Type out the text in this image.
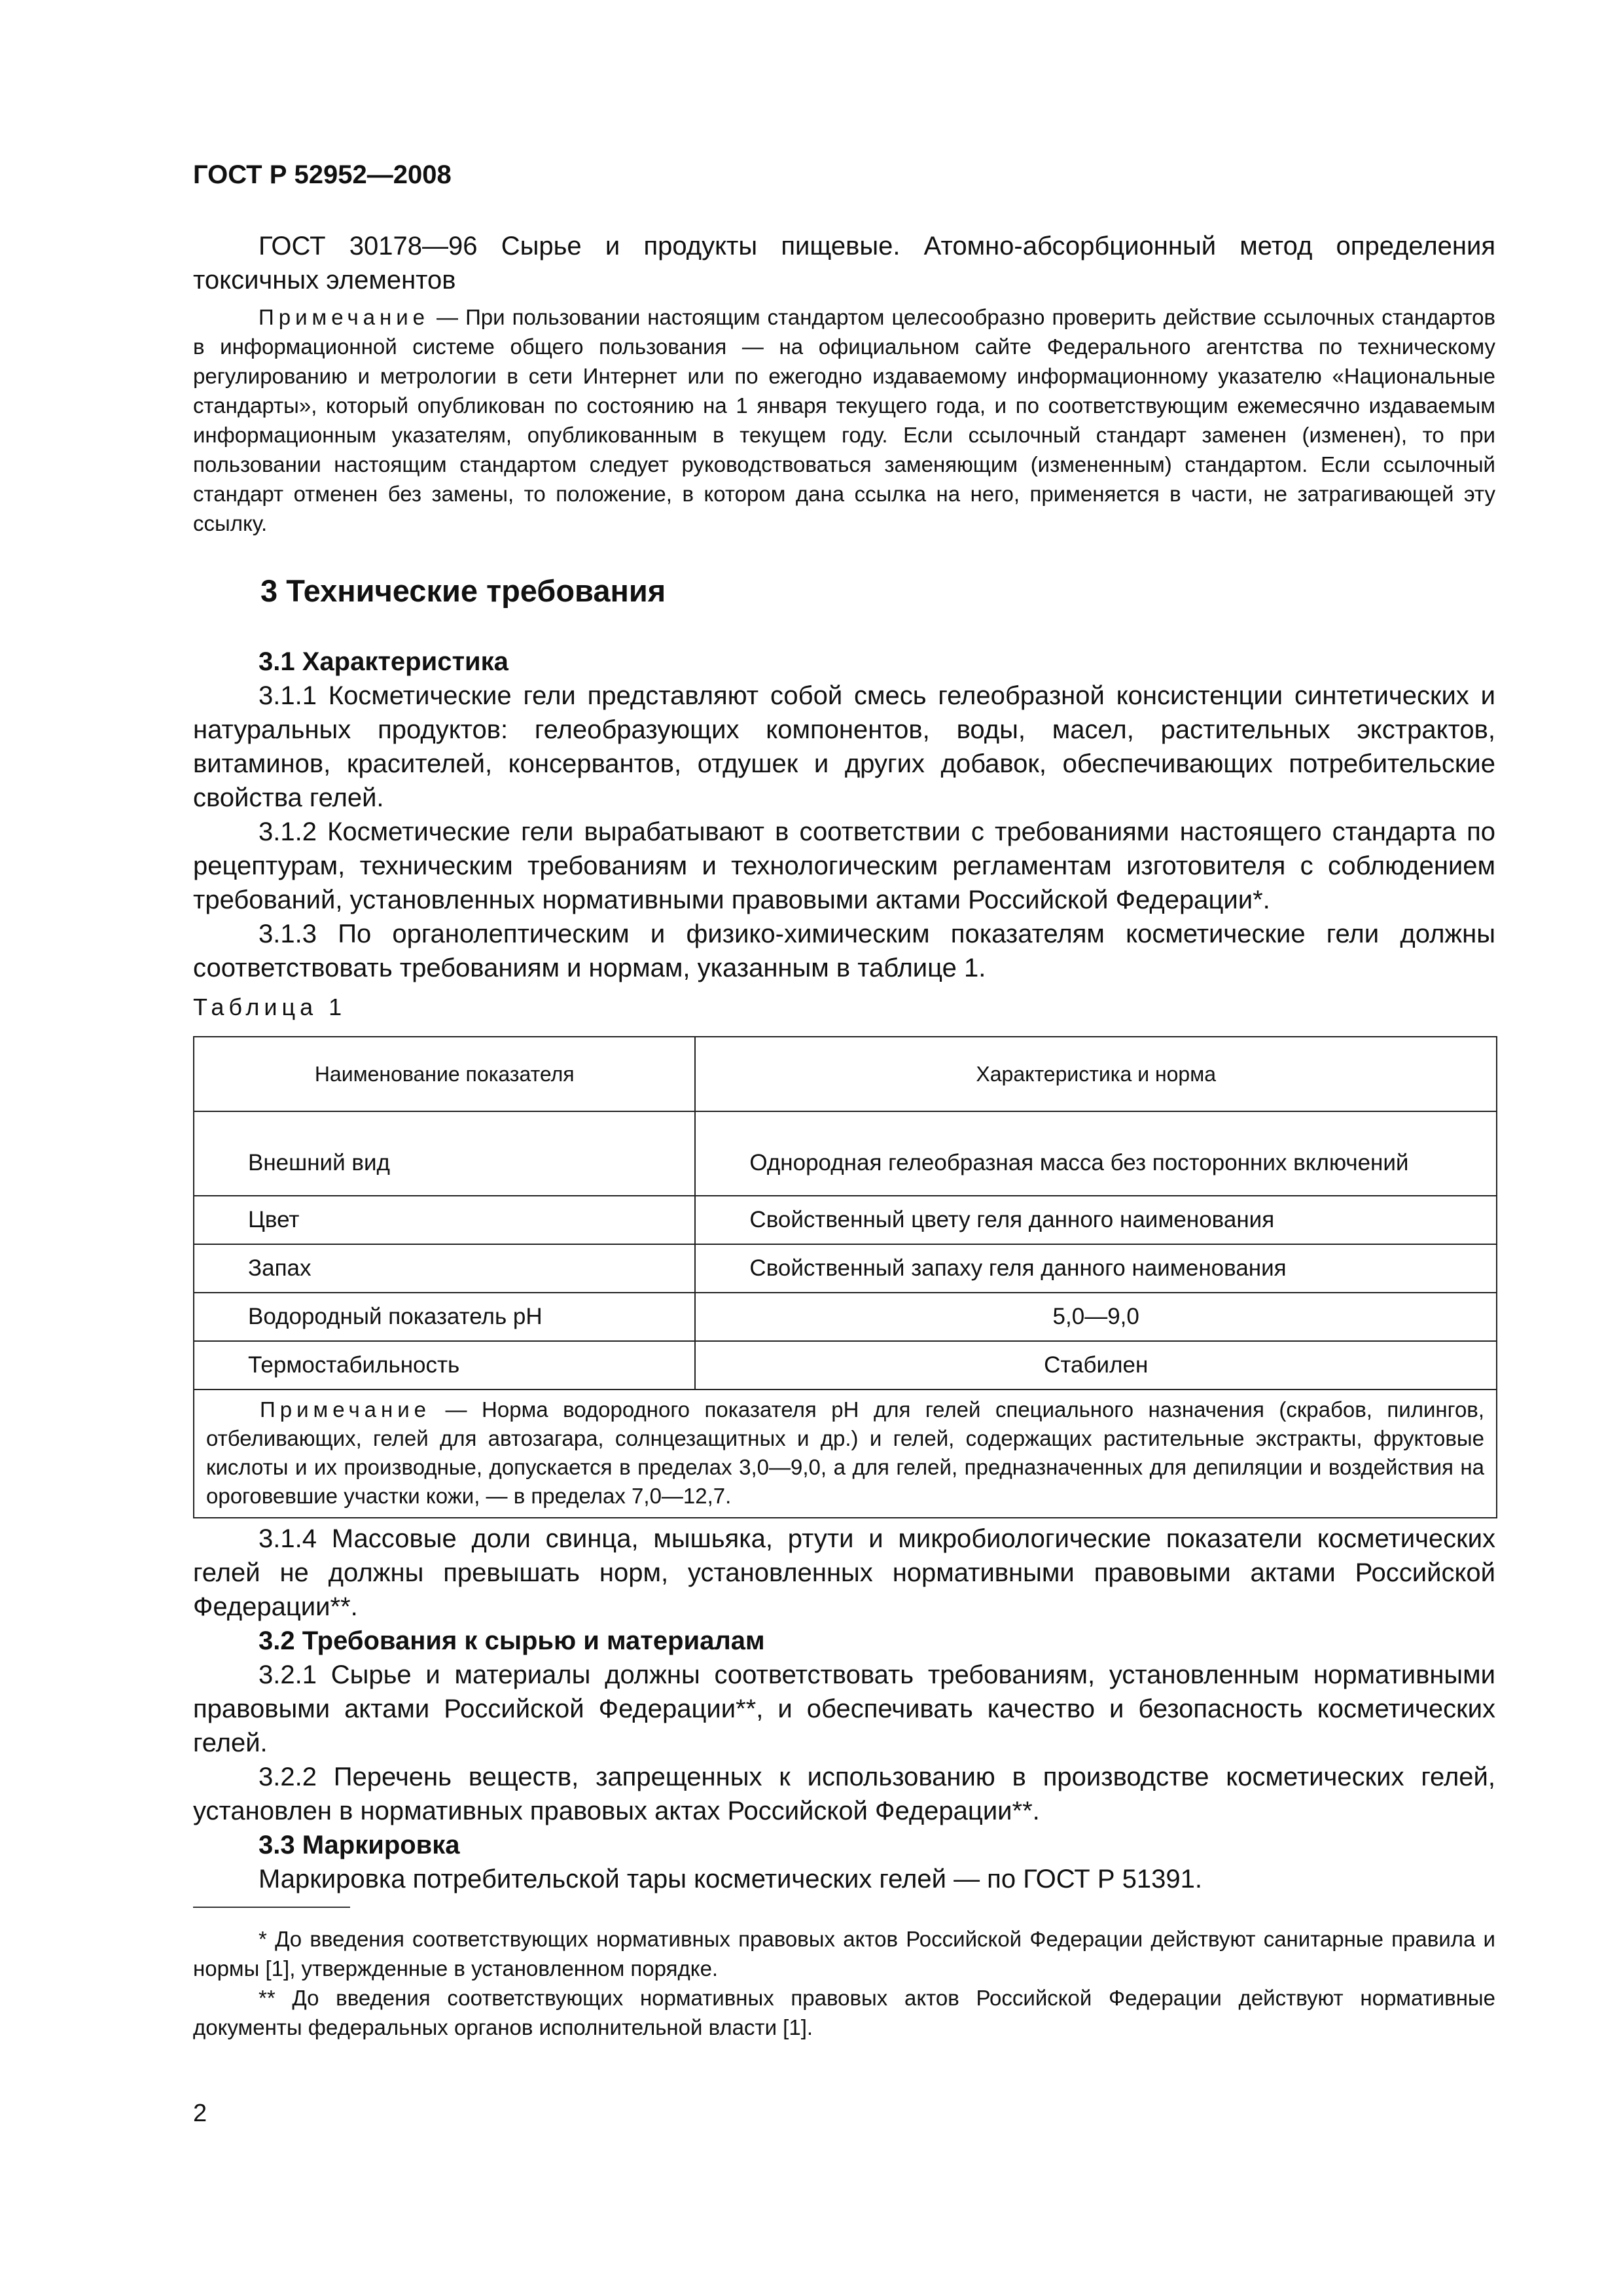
ГОСТ Р 52952—2008
ГОСТ 30178—96 Сырье и продукты пищевые. Атомно-абсорбционный метод определения токсичных элементов
Примечание — При пользовании настоящим стандартом целесообразно проверить действие ссылочных стандартов в информационной системе общего пользования — на официальном сайте Федерального агентства по техническому регулированию и метрологии в сети Интернет или по ежегодно издаваемому информационному указателю «Национальные стандарты», который опубликован по состоянию на 1 января текущего года, и по соответствующим ежемесячно издаваемым информационным указателям, опубликованным в текущем году. Если ссылочный стандарт заменен (изменен), то при пользовании настоящим стандартом следует руководствоваться заменяющим (измененным) стандартом. Если ссылочный стандарт отменен без замены, то положение, в котором дана ссылка на него, применяется в части, не затрагивающей эту ссылку.
3 Технические требования

3.1 Характеристика

3.1.1 Косметические гели представляют собой смесь гелеобразной консистенции синтетических и натуральных продуктов: гелеобразующих компонентов, воды, масел, растительных экстрактов, витаминов, красителей, консервантов, отдушек и других добавок, обеспечивающих потребительские свойства гелей.

3.1.2 Косметические гели вырабатывают в соответствии с требованиями настоящего стандарта по рецептурам, техническим требованиям и технологическим регламентам изготовителя с соблюдением требований, установленных нормативными правовыми актами Российской Федерации*.

3.1.3 По органолептическим и физико-химическим показателям косметические гели должны соответствовать требованиям и нормам, указанным в таблице 1.

Таблица 1
Наименование показателя	Характеристика и норма
Внешний вид	Однородная гелеобразная масса без посторонних включений
Цвет	Свойственный цвету геля данного наименования
Запах	Свойственный запаху геля данного наименования
Водородный показатель pH	5,0—9,0
Термостабильность	Стабилен
Примечание — Норма водородного показателя pH для гелей специального назначения (скрабов, пилингов, отбеливающих, гелей для автозагара, солнцезащитных и др.) и гелей, содержащих растительные экстракты, фруктовые кислоты и их производные, допускается в пределах 3,0—9,0, а для гелей, предназначенных для депиляции и воздействия на ороговевшие участки кожи, — в пределах 7,0—12,7.	

3.1.4 Массовые доли свинца, мышьяка, ртути и микробиологические показатели косметических гелей не должны превышать норм, установленных нормативными правовыми актами Российской Федерации**.

3.2 Требования к сырью и материалам

3.2.1 Сырье и материалы должны соответствовать требованиям, установленным нормативными правовыми актами Российской Федерации**, и обеспечивать качество и безопасность косметических гелей.

3.2.2 Перечень веществ, запрещенных к использованию в производстве косметических гелей, установлен в нормативных правовых актах Российской Федерации**.

3.3 Маркировка

Маркировка потребительской тары косметических гелей — по ГОСТ Р 51391.

* До введения соответствующих нормативных правовых актов Российской Федерации действуют санитарные правила и нормы [1], утвержденные в установленном порядке.

** До введения соответствующих нормативных правовых актов Российской Федерации действуют нормативные документы федеральных органов исполнительной власти [1].

2
